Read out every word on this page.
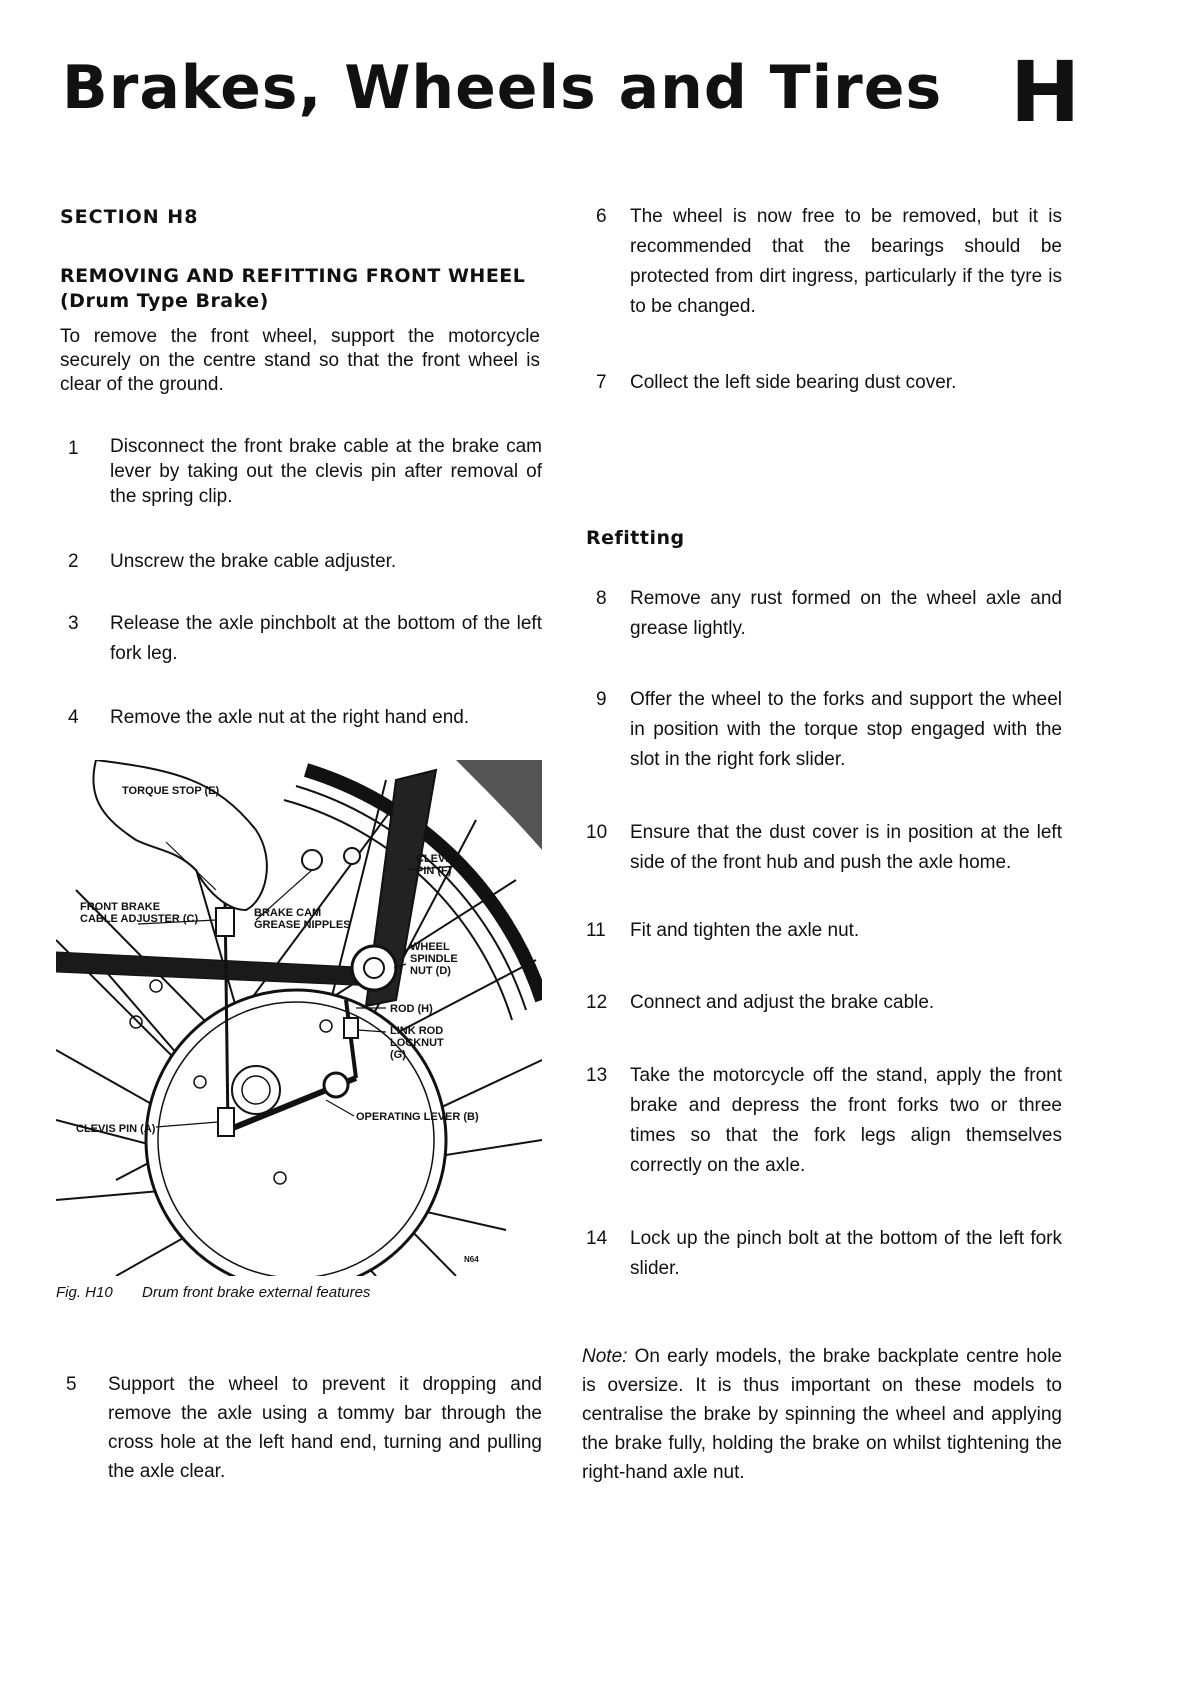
Brakes, Wheels and Tires H
SECTION H8
REMOVING AND REFITTING FRONT WHEEL
(Drum Type Brake)
To remove the front wheel, support the motorcycle securely on the centre stand so that the front wheel is clear of the ground.
1	Disconnect the front brake cable at the brake cam lever by taking out the clevis pin after removal of the spring clip.
2	Unscrew the brake cable adjuster.
3	Release the axle pinchbolt at the bottom of the left fork leg.
4	Remove the axle nut at the right hand end.
TORQUE STOP (E)
CLEVIS
PIN (F)
FRONT BRAKE
CABLE ADJUSTER (C)	BRAKE CAM
GREASE NIPPLES
WHEEL
SPINDLE
NUT (D)
ROD (H)
LINK ROD
LOCKNUT
(G)
OPERATING LEVER (B)
CLEVIS PIN (A)
N64
Fig. H10 Drum front brake external features
5	Support the wheel to prevent it dropping and remove the axle using a tommy bar through the cross hole at the left hand end, turning and pulling the axle clear.
6	The wheel is now free to be removed, but it is recommended that the bearings should be protected from dirt ingress, particularly if the tyre is to be changed.
7	Collect the left side bearing dust cover.
Refitting
8	Remove any rust formed on the wheel axle and grease lightly.
9	Offer the wheel to the forks and support the wheel in position with the torque stop engaged with the slot in the right fork slider.
10	Ensure that the dust cover is in position at the left side of the front hub and push the axle home.
11	Fit and tighten the axle nut.
12	Connect and adjust the brake cable.
13	Take the motorcycle off the stand, apply the front brake and depress the front forks two or three times so that the fork legs align themselves correctly on the axle.
14	Lock up the pinch bolt at the bottom of the left fork slider.
Note: On early models, the brake backplate centre hole is oversize. It is thus important on these models to centralise the brake by spinning the wheel and applying the brake fully, holding the brake on whilst tightening the right-hand axle nut.
